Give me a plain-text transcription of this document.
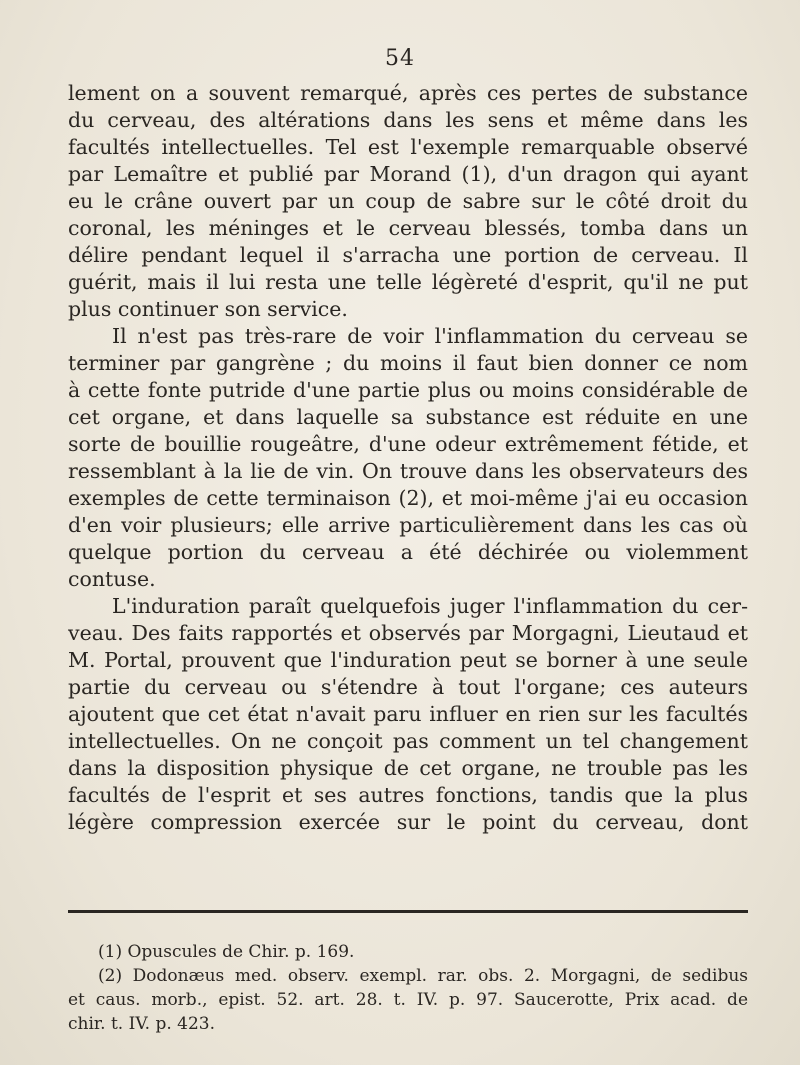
54
lement on a souvent remarqué, après ces pertes de substance
du cerveau, des altérations dans les sens et même dans les
facultés intellectuelles. Tel est l'exemple remarquable observé
par Lemaître et publié par Morand (1), d'un dragon qui ayant
eu le crâne ouvert par un coup de sabre sur le côté droit du
coronal, les méninges et le cerveau blessés, tomba dans un
délire pendant lequel il s'arracha une portion de cerveau. Il
guérit, mais il lui resta une telle légèreté d'esprit, qu'il ne put
plus continuer son service.
Il n'est pas très-rare de voir l'inflammation du cerveau se
terminer par gangrène ; du moins il faut bien donner ce nom
à cette fonte putride d'une partie plus ou moins considérable de
cet organe, et dans laquelle sa substance est réduite en une
sorte de bouillie rougeâtre, d'une odeur extrêmement fétide, et
ressemblant à la lie de vin. On trouve dans les observateurs des
exemples de cette terminaison (2), et moi-même j'ai eu occasion
d'en voir plusieurs; elle arrive particulièrement dans les cas où
quelque portion du cerveau a été déchirée ou violemment
contuse.
L'induration paraît quelquefois juger l'inflammation du cer-
veau. Des faits rapportés et observés par Morgagni, Lieutaud et
M. Portal, prouvent que l'induration peut se borner à une seule
partie du cerveau ou s'étendre à tout l'organe; ces auteurs
ajoutent que cet état n'avait paru influer en rien sur les facultés
intellectuelles. On ne conçoit pas comment un tel changement
dans la disposition physique de cet organe, ne trouble pas les
facultés de l'esprit et ses autres fonctions, tandis que la plus
légère compression exercée sur le point du cerveau, dont
(1) Opuscules de Chir. p. 169.
(2) Dodonæus med. observ. exempl. rar. obs. 2. Morgagni, de sedibus
et caus. morb., epist. 52. art. 28. t. IV. p. 97. Saucerotte, Prix acad. de
chir. t. IV. p. 423.
